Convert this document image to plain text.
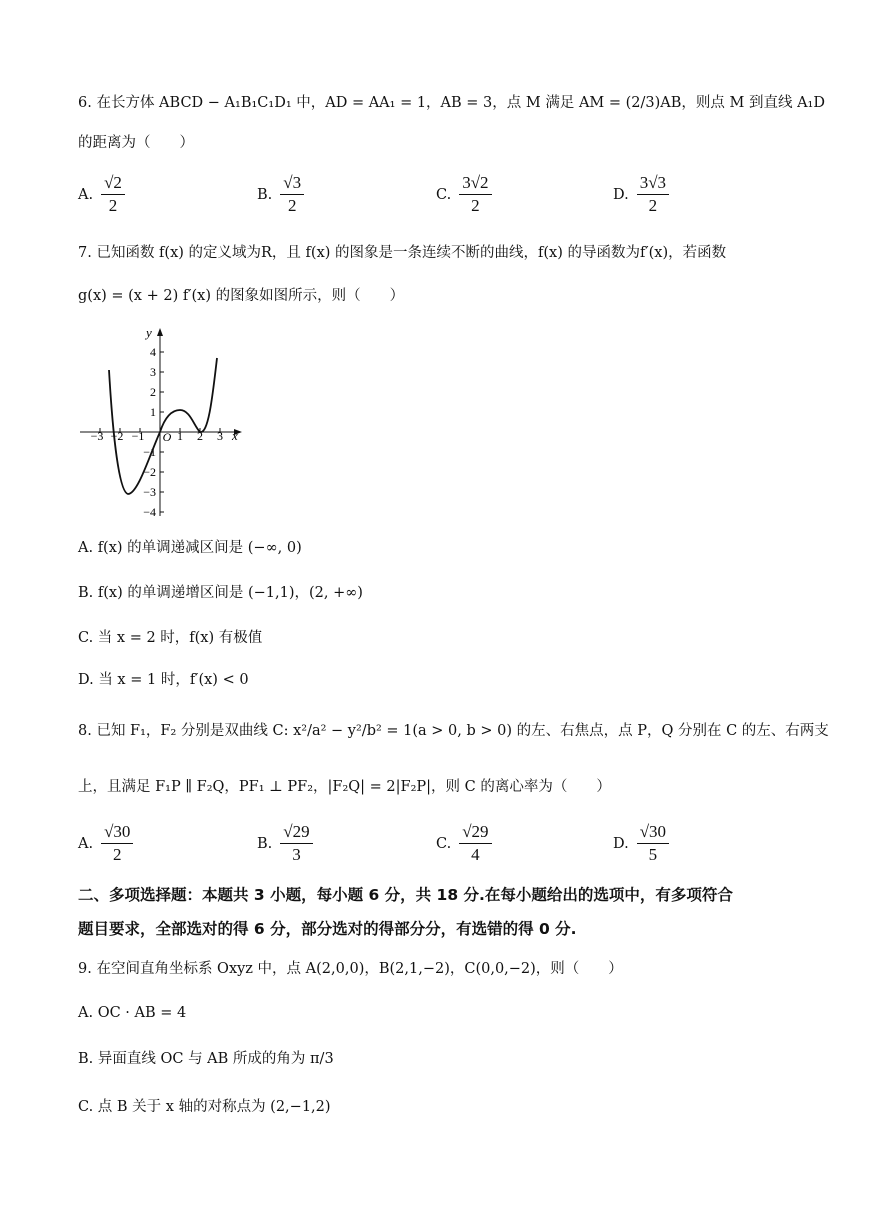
6. 在长方体 ABCD − A₁B₁C₁D₁ 中，AD = AA₁ = 1，AB = 3，点 M 满足 AM = (2/3)AB，则点 M 到直线 A₁D
的距离为（　　）
A. $\frac{√2}{2}$	B. $\frac{√3}{2}$	C. $\frac{3√2}{2}$	D. $\frac{3√3}{2}$
7. 已知函数 f(x) 的定义域为R，且 f(x) 的图象是一条连续不断的曲线，f(x) 的导函数为f′(x)，若函数
g(x) = (x + 2) f′(x) 的图象如图所示，则（　　）
x
y
−3 −2 −1 O 1 2 3
4
3
2
1
−1
−2
−3
−4
A. f(x) 的单调递减区间是 (−∞, 0)
B. f(x) 的单调递增区间是 (−1,1)，(2, +∞)
C. 当 x = 2 时，f(x) 有极值
D. 当 x = 1 时，f′(x) < 0
8. 已知 F₁，F₂ 分别是双曲线 C: x²/a² − y²/b² = 1(a > 0, b > 0) 的左、右焦点，点 P，Q 分别在 C 的左、右两支
上，且满足 F₁P ∥ F₂Q，PF₁ ⊥ PF₂，|F₂Q| = 2|F₂P|，则 C 的离心率为（　　）
A. $\frac{√30}{2}$	B. $\frac{√29}{3}$	C. $\frac{√29}{4}$	D. $\frac{√30}{5}$
二、多项选择题：本题共 3 小题，每小题 6 分，共 18 分.在每小题给出的选项中，有多项符合
题目要求，全部选对的得 6 分，部分选对的得部分分，有选错的得 0 分.
9. 在空间直角坐标系 Oxyz 中，点 A(2,0,0)，B(2,1,−2)，C(0,0,−2)，则（　　）
A. OC · AB = 4
B. 异面直线 OC 与 AB 所成的角为 π/3
C. 点 B 关于 x 轴的对称点为 (2,−1,2)
